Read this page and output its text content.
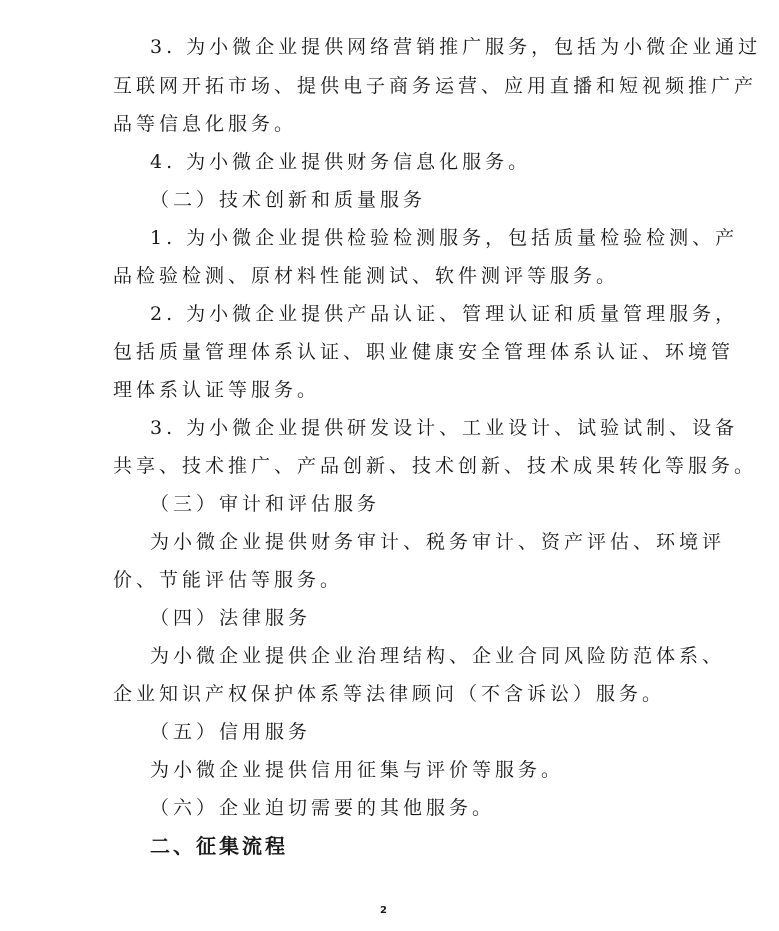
3. 为小微企业提供网络营销推广服务，包括为小微企业通过
互联网开拓市场、提供电子商务运营、应用直播和短视频推广产
品等信息化服务。
4. 为小微企业提供财务信息化服务。
（二）技术创新和质量服务
1. 为小微企业提供检验检测服务，包括质量检验检测、产
品检验检测、原材料性能测试、软件测评等服务。
2. 为小微企业提供产品认证、管理认证和质量管理服务，
包括质量管理体系认证、职业健康安全管理体系认证、环境管
理体系认证等服务。
3. 为小微企业提供研发设计、工业设计、试验试制、设备
共享、技术推广、产品创新、技术创新、技术成果转化等服务。
（三）审计和评估服务
为小微企业提供财务审计、税务审计、资产评估、环境评
价、节能评估等服务。
（四）法律服务
为小微企业提供企业治理结构、企业合同风险防范体系、
企业知识产权保护体系等法律顾问（不含诉讼）服务。
（五）信用服务
为小微企业提供信用征集与评价等服务。
（六）企业迫切需要的其他服务。
二、征集流程
2
